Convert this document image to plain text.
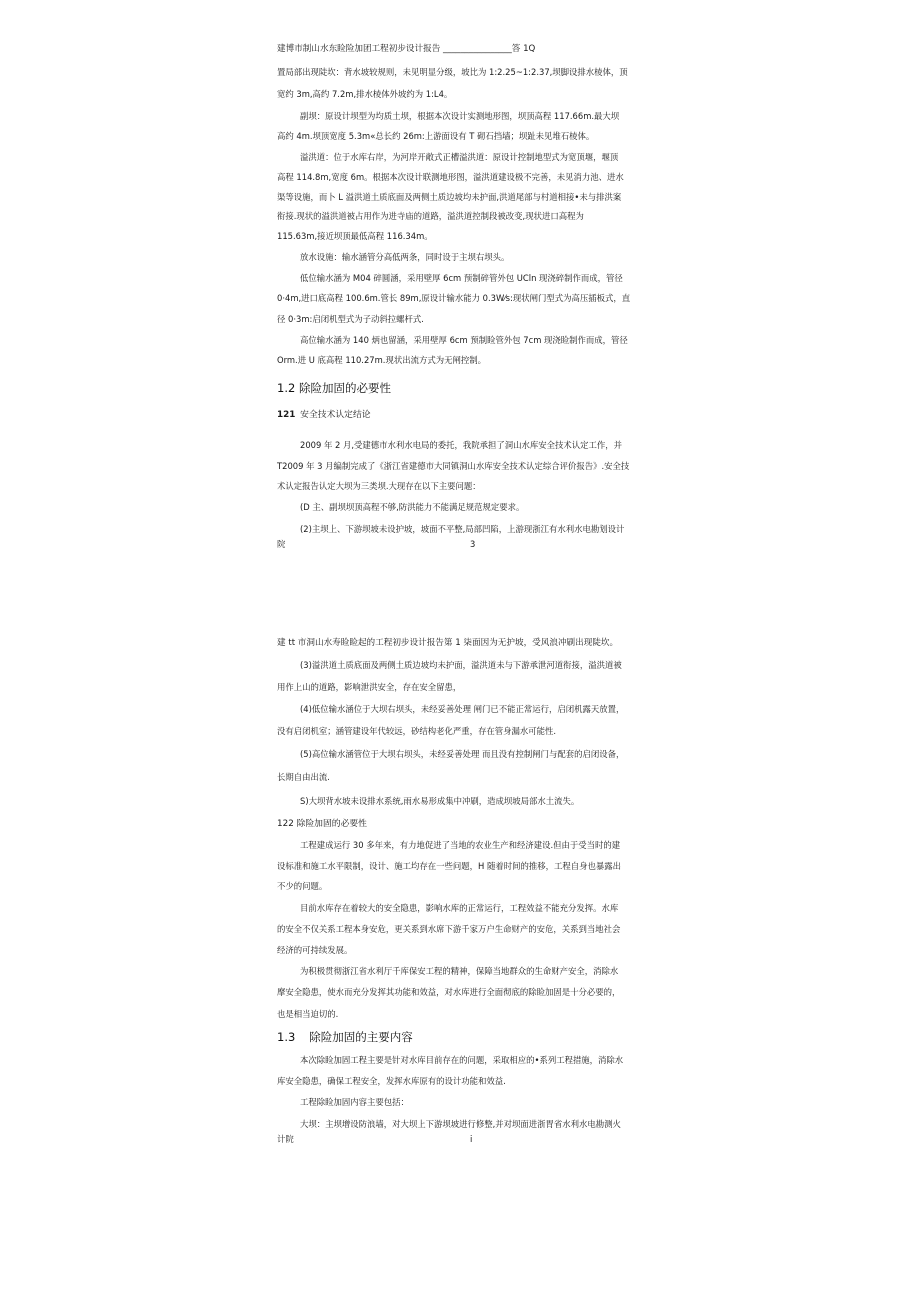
建博市制山水东睑险加团工程初步设计报告 ________________答 1Q
置局部出现陡坎：背水坡较规则，未见明显分级，坡比为 1:2.25~1:2.37,坝脚设排水棱体，顶
宽约 3m,高约 7.2m,排水棱体外坡约为 1:L4。
副坝：原设计坝型为均质土坝，根据本次设计实测地形图，坝顶高程 117.66m.最大坝
高约 4m.坝顶宽度 5.3m«总长约 26m:上游面设有 T 砌石挡墙；坝趾未见堆石棱体。
溢洪道：位于水库右岸，为河岸开敞式正槽溢洪道：原设计控制地型式为宽顶堰，堰顶
高程 114.8m,宽度 6m。根据本次设计联测地形图，溢洪道建设极不完善，未见消力池、进水
渠等设施，而卜 L 溢洪道土质底面及两侧土质边坡均未护面,洪道尾部与村道相接•未与排洪案
衔接.现状的溢洪道被占用作为进寺庙的道路，溢洪道控制段被改变,现状进口高程为
115.63m,接近坝顶最低高程 116.34m。
放水设施：输水涵管分高低两条，同时设于主坝右坝头。
低位输水涵为 M04 碎圆涵，采用壁厚 6cm 预制碎管外包 UCln 现浇碎制作而成，管径
0·4m,进口底高程 100.6m.管长 89m,原设计输水能力 0.3W⁄s:现状闸门型式为高压插板式，直
径 0·3m:启闭机型式为子动斜拉螺杆式.
高位输水涵为 140 炳也留涵，采用壁厚 6cm 预制睑管外包 7cm 现浇睑制作而成，管径
Orm.进 U 底高程 110.27m.现状出流方式为无闸控制。
1.2 除险加固的必要性
121 安全技术认定结论
2009 年 2 月,受建德市水利水电局的委托，我院承担了洞山水库安全技术认定工作，并
T2009 年 3 月编制完成了《浙江省建德市大同镇洞山水库安全技术认定综合评价报告》.安全技
术认定报告认定大坝为三类坝.大现存在以下主要问题：
(D 主、副坝坝顶高程不够,防洪能力不能满足规范规定要求。
(2)主坝上、下游坝坡未设护坡，坡面不平整,局部凹陷，上游现浙江有水利水电勘划设计
院	3
建 tt 市洞山水寿睑睑起的工程初步设计报告第 1 柒面因为无护坡，受风浪冲刷出现陡坎。
(3)溢洪道土质底面及两侧土质边坡均未护面，溢洪道未与下游承泄河道衔接，溢洪道被
用作上山的道路，影响泄洪安全，存在安全留患，
(4)低位输水涵位于大坝右坝头，未经妥善处理 闸门已不能正常运行，启闭机露天放置，
没有启闭机室；涵管建设年代较远，砂结构老化严重，存在管身漏水可能性.
(5)高位输水涵管位于大坝右坝头，未经妥善处理 而且没有控制闸门与配套的启闭设备，
长期自由出流.
S)大坝背水坡未设排水系统,雨水易形成集中冲刷，造成坝坡局部水土流失。
122 除险加固的必要性
工程建成运行 30 多年来，有力地促进了当地的农业生产和经济建设.但由于受当时的建
设标准和施工水平限制，设计、施工均存在一些问题，H 随着时间的推移，工程自身也暴露出
不少的问题。
目前水库存在着较大的安全隐患，影响水库的正常运行，工程效益不能充分发挥。水库
的安全不仅关系工程本身安危，更关系到水席下游千家万户生命财产的安危，关系到当地社会
经济的可持续发展。
为积极贯彻浙江省水利厅千库保安工程的精神，保障当地群众的生命财产安全，消除水
摩安全隐患，使水而充分发挥其功能和效益，对水库进行全面彻底的除睑加固是十分必要的，
也是相当迫切的.
1.3 除险加固的主要内容
本次除睑加固工程主要是针对水库目前存在的问题，采取相应的•系列工程措施，消除水
库安全隐患，确保工程安全，发挥水库原有的设计功能和效益.
工程除睑加固内容主要包括：
大坝：主坝增设防浪墙，对大坝上下游坝坡进行修整,并对坝面进浙胃省水利水电勘测火
计院	i
